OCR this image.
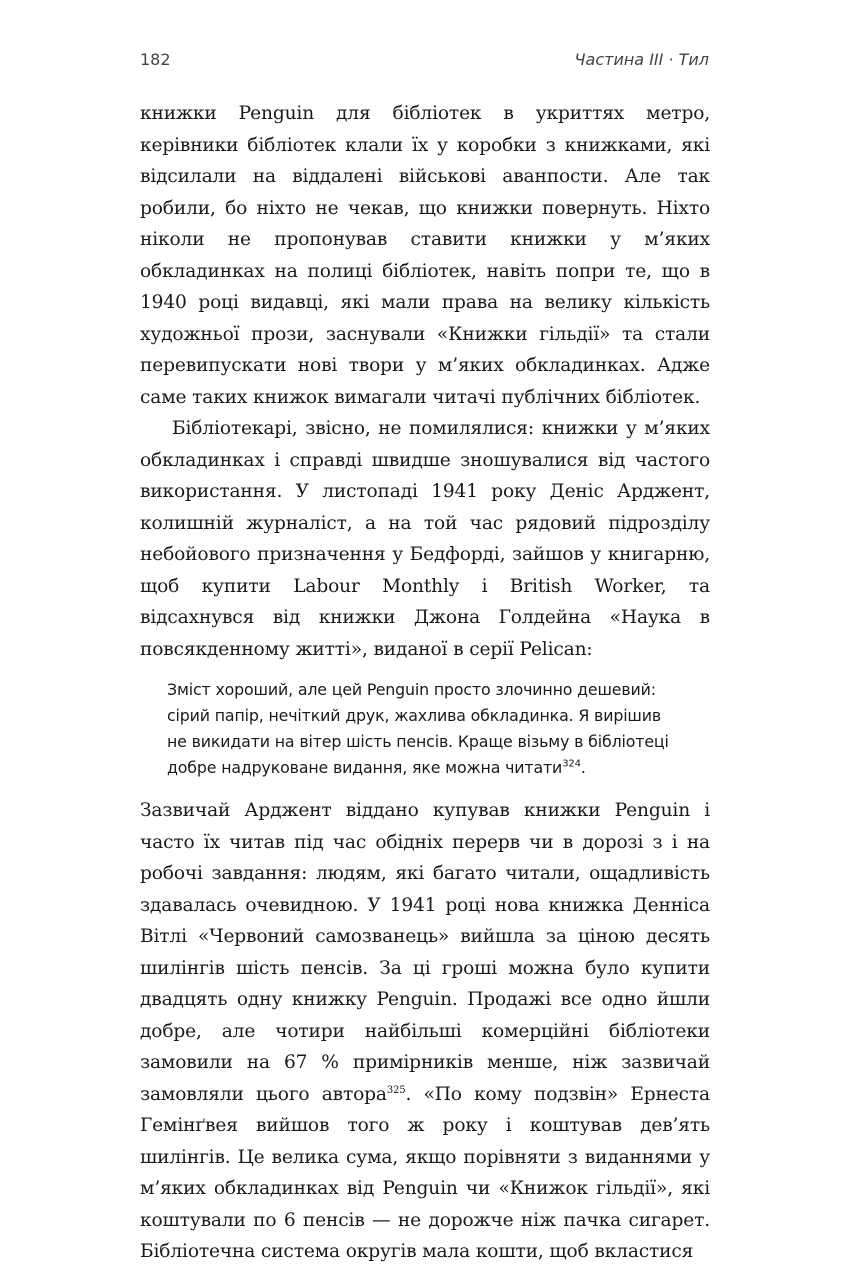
182	Частина III · Тил

книжки Penguin для бібліотек в укриттях метро, керівники бібліотек клали їх у коробки з книжками, які відсилали на віддалені військові аванпости. Але так робили, бо ніхто не чекав, що книжки повернуть. Ніхто ніколи не пропонував ставити книжки у м’яких обкладинках на полиці бібліотек, навіть попри те, що в 1940 році видавці, які мали права на велику кількість художньої прози, заснували «Книжки гільдії» та стали перевипускати нові твори у м’яких обкладинках. Адже саме таких книжок вимагали читачі публічних бібліотек.

Бібліотекарі, звісно, не помилялися: книжки у м’яких обкладинках і справді швидше зношувалися від частого використання. У листопаді 1941 року Деніс Арджент, колишній журналіст, а на той час рядовий підрозділу небойового призначення у Бедфорді, зайшов у книгарню, щоб купити Labour Monthly і British Worker, та відсахнувся від книжки Джона Голдейна «Наука в повсякденному житті», виданої в серії Pelican:

Зміст хороший, але цей Penguin просто злочинно дешевий:
сірий папір, нечіткий друк, жахлива обкладинка. Я вирішив
не викидати на вітер шість пенсів. Краще візьму в бібліотеці
добре надруковане видання, яке можна читати$^{324}$.

Зазвичай Арджент віддано купував книжки Penguin і часто їх читав під час обідніх перерв чи в дорозі з і на робочі завдання: людям, які багато читали, ощадливість здавалась очевидною. У 1941 році нова книжка Денніса Вітлі «Червоний самозванець» вийшла за ціною десять шилінгів шість пенсів. За ці гроші можна було купити двадцять одну книжку Penguin. Продажі все одно йшли добре, але чотири найбільші комерційні бібліотеки замовили на 67 % примірників менше, ніж зазвичай замовляли цього автора$^{325}$. «По кому подзвін» Ернеста Гемінґвея вийшов того ж року і коштував дев’ять шилінгів. Це велика сума, якщо порівняти з виданнями у м’яких обкладинках від Penguin чи «Книжок гільдії», які коштували по 6 пенсів — не дорожче ніж пачка сигарет. Бібліотечна система округів мала кошти, щоб вкластися
